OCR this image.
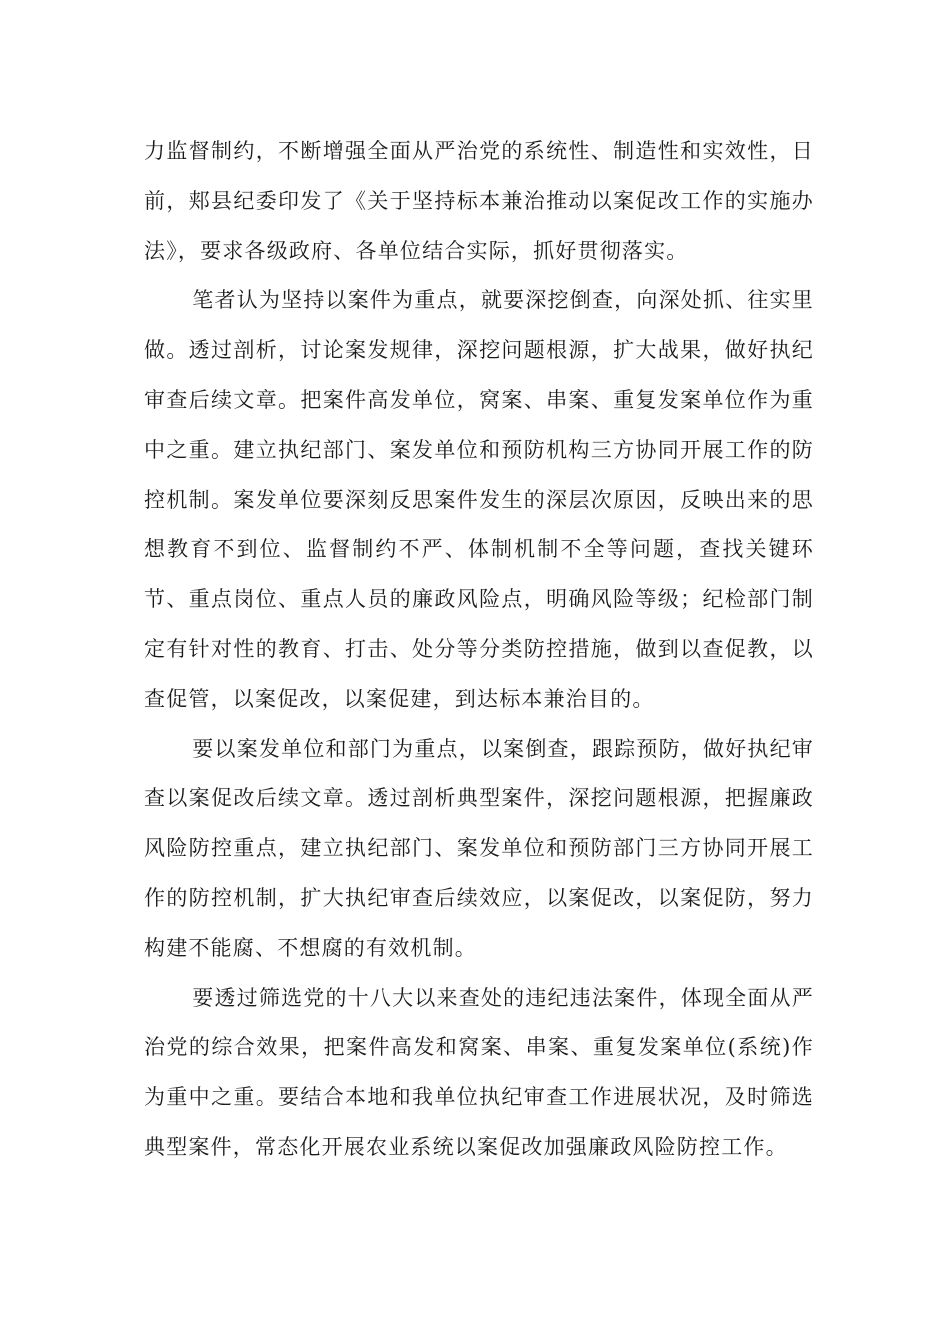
力监督制约，不断增强全面从严治党的系统性、制造性和实效性，日前，郏县纪委印发了《关于坚持标本兼治推动以案促改工作的实施办法》，要求各级政府、各单位结合实际，抓好贯彻落实。

笔者认为坚持以案件为重点，就要深挖倒查，向深处抓、往实里做。透过剖析，讨论案发规律，深挖问题根源，扩大战果，做好执纪审查后续文章。把案件高发单位，窝案、串案、重复发案单位作为重中之重。建立执纪部门、案发单位和预防机构三方协同开展工作的防控机制。案发单位要深刻反思案件发生的深层次原因，反映出来的思想教育不到位、监督制约不严、体制机制不全等问题，查找关键环节、重点岗位、重点人员的廉政风险点，明确风险等级；纪检部门制定有针对性的教育、打击、处分等分类防控措施，做到以查促教，以查促管，以案促改，以案促建，到达标本兼治目的。

要以案发单位和部门为重点，以案倒查，跟踪预防，做好执纪审查以案促改后续文章。透过剖析典型案件，深挖问题根源，把握廉政风险防控重点，建立执纪部门、案发单位和预防部门三方协同开展工作的防控机制，扩大执纪审查后续效应，以案促改，以案促防，努力构建不能腐、不想腐的有效机制。

要透过筛选党的十八大以来查处的违纪违法案件，体现全面从严治党的综合效果，把案件高发和窝案、串案、重复发案单位(系统)作为重中之重。要结合本地和我单位执纪审查工作进展状况，及时筛选典型案件，常态化开展农业系统以案促改加强廉政风险防控工作。
